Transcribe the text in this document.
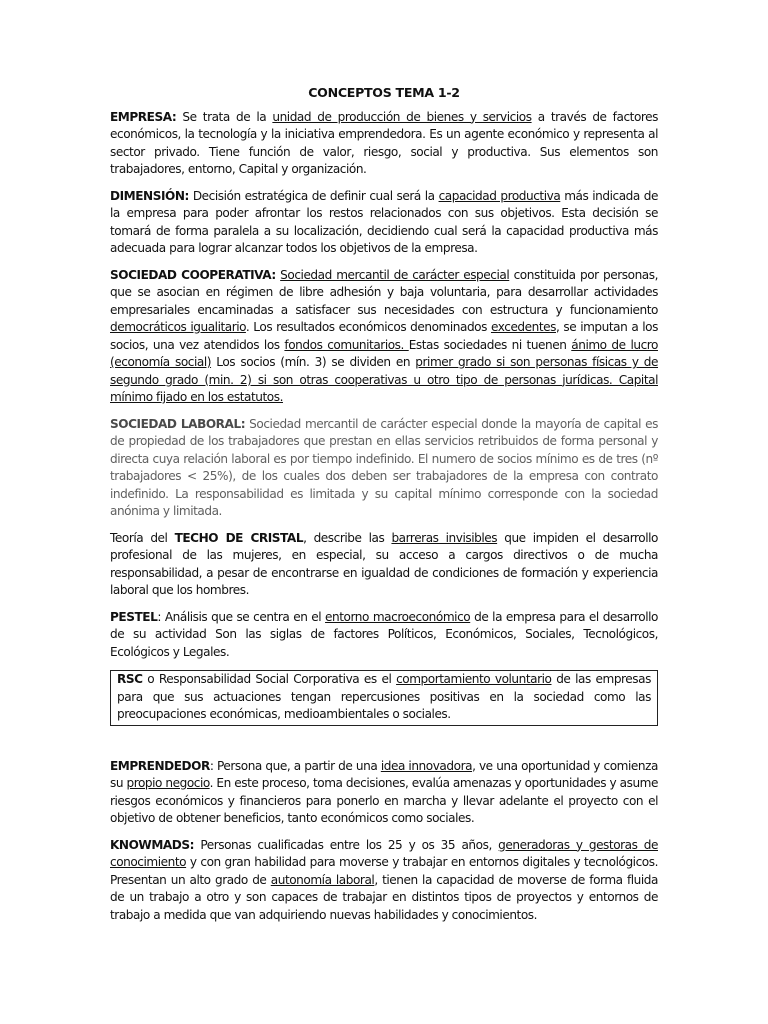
CONCEPTOS TEMA 1-2

EMPRESA: Se trata de la unidad de producción de bienes y servicios a través de factores económicos, la tecnología y la iniciativa emprendedora. Es un agente económico y representa al sector privado. Tiene función de valor, riesgo, social y productiva. Sus elementos son trabajadores, entorno, Capital y organización.

DIMENSIÓN: Decisión estratégica de definir cual será la capacidad productiva más indicada de la empresa para poder afrontar los restos relacionados con sus objetivos. Esta decisión se tomará de forma paralela a su localización, decidiendo cual será la capacidad productiva más adecuada para lograr alcanzar todos los objetivos de la empresa.

SOCIEDAD COOPERATIVA: Sociedad mercantil de carácter especial constituida por personas, que se asocian en régimen de libre adhesión y baja voluntaria, para desarrollar actividades empresariales encaminadas a satisfacer sus necesidades con estructura y funcionamiento democráticos igualitario. Los resultados económicos denominados excedentes, se imputan a los socios, una vez atendidos los fondos comunitarios. Estas sociedades ni tuenen ánimo de lucro (economía social) Los socios (mín. 3) se dividen en primer grado si son personas físicas y de segundo grado (min. 2) si son otras cooperativas u otro tipo de personas jurídicas. Capital mínimo fijado en los estatutos.

SOCIEDAD LABORAL: Sociedad mercantil de carácter especial donde la mayoría de capital es de propiedad de los trabajadores que prestan en ellas servicios retribuidos de forma personal y directa cuya relación laboral es por tiempo indefinido. El numero de socios mínimo es de tres (nº trabajadores < 25%), de los cuales dos deben ser trabajadores de la empresa con contrato indefinido. La responsabilidad es limitada y su capital mínimo corresponde con la sociedad anónima y limitada.

Teoría del TECHO DE CRISTAL, describe las barreras invisibles que impiden el desarrollo profesional de las mujeres, en especial, su acceso a cargos directivos o de mucha responsabilidad, a pesar de encontrarse en igualdad de condiciones de formación y experiencia laboral que los hombres.

PESTEL: Análisis que se centra en el entorno macroeconómico de la empresa para el desarrollo de su actividad Son las siglas de factores Políticos, Económicos, Sociales, Tecnológicos, Ecológicos y Legales.

RSC o Responsabilidad Social Corporativa es el comportamiento voluntario de las empresas para que sus actuaciones tengan repercusiones positivas en la sociedad como las preocupaciones económicas, medioambientales o sociales.

EMPRENDEDOR: Persona que, a partir de una idea innovadora, ve una oportunidad y comienza su propio negocio. En este proceso, toma decisiones, evalúa amenazas y oportunidades y asume riesgos económicos y financieros para ponerlo en marcha y llevar adelante el proyecto con el objetivo de obtener beneficios, tanto económicos como sociales.

KNOWMADS: Personas cualificadas entre los 25 y os 35 años, generadoras y gestoras de conocimiento y con gran habilidad para moverse y trabajar en entornos digitales y tecnológicos. Presentan un alto grado de autonomía laboral, tienen la capacidad de moverse de forma fluida de un trabajo a otro y son capaces de trabajar en distintos tipos de proyectos y entornos de trabajo a medida que van adquiriendo nuevas habilidades y conocimientos.
